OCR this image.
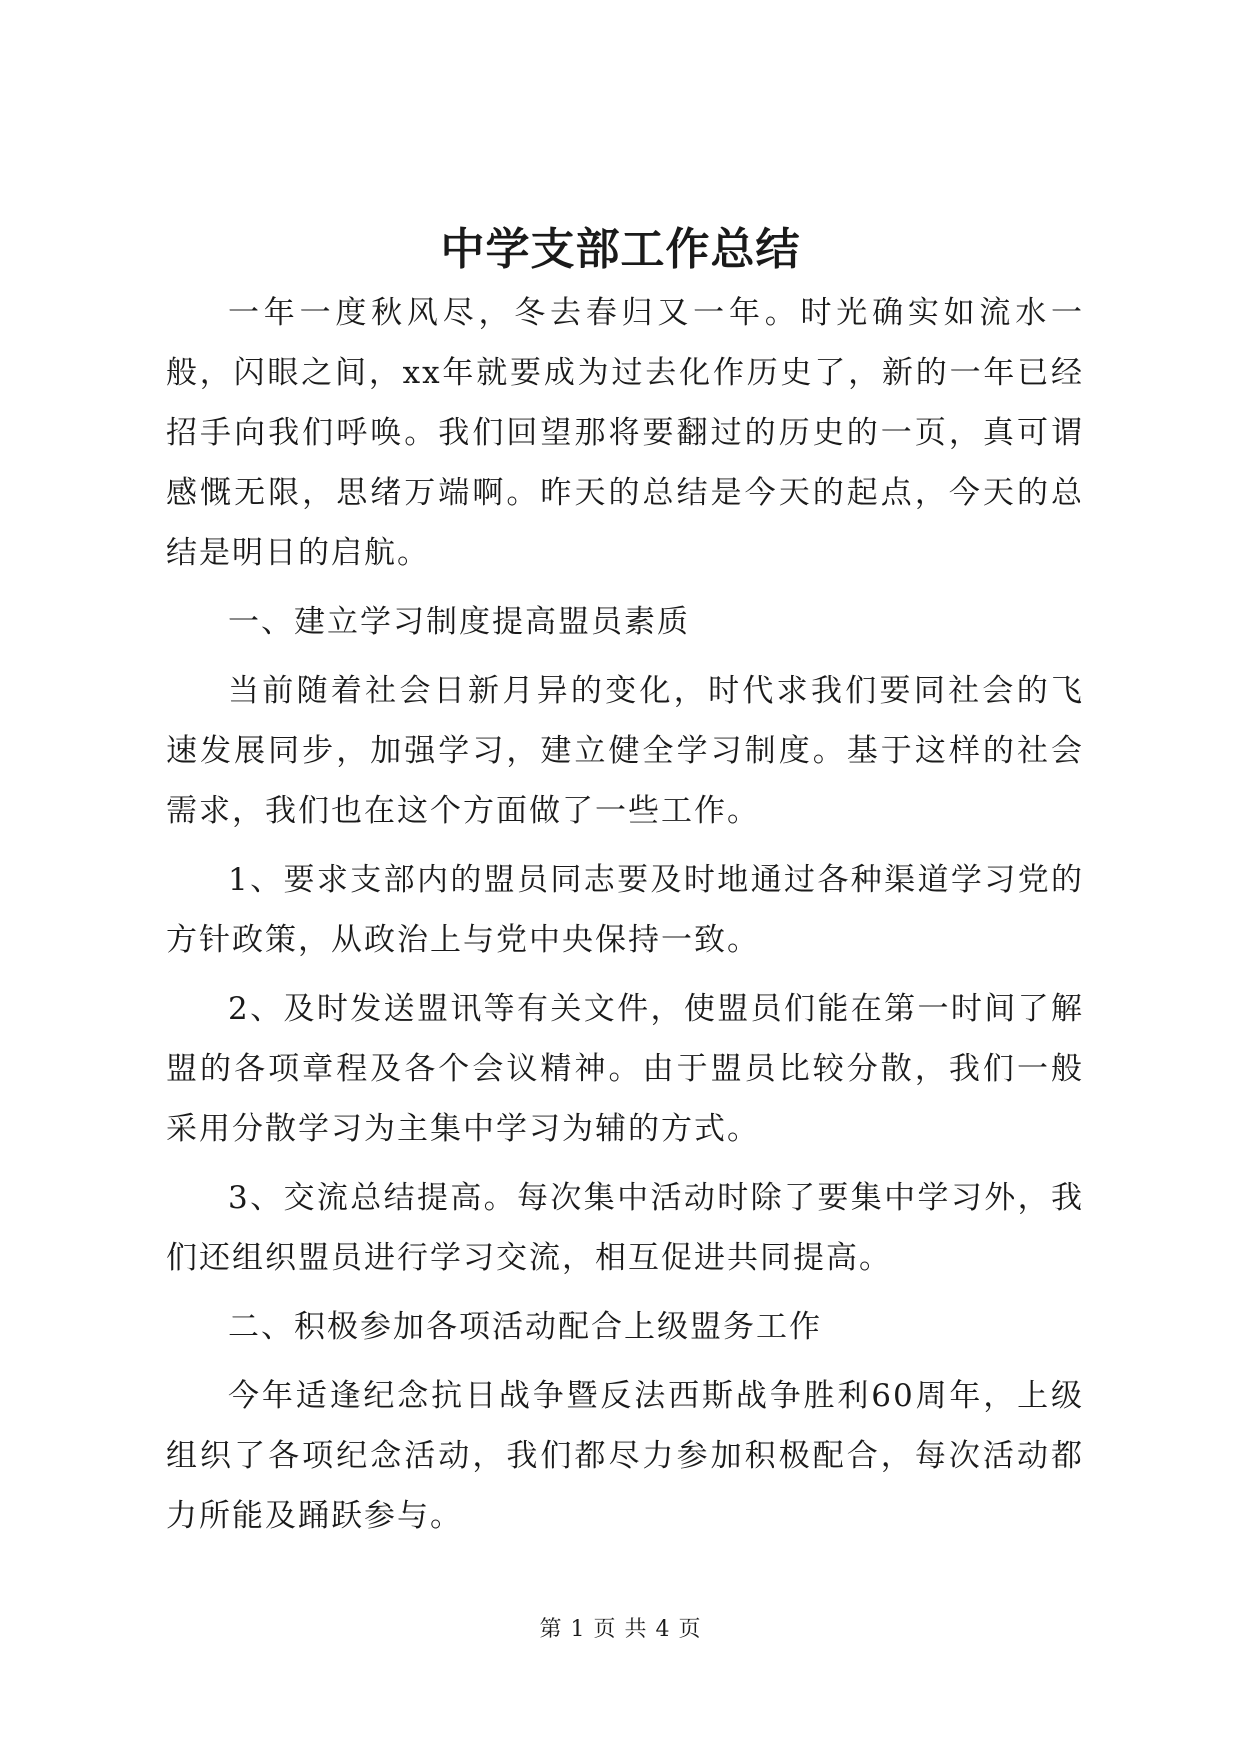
中学支部工作总结

一年一度秋风尽，冬去春归又一年。时光确实如流水一般，闪眼之间，xx年就要成为过去化作历史了，新的一年已经招手向我们呼唤。我们回望那将要翻过的历史的一页，真可谓感慨无限，思绪万端啊。昨天的总结是今天的起点，今天的总结是明日的启航。

一、建立学习制度提高盟员素质

当前随着社会日新月异的变化，时代求我们要同社会的飞速发展同步，加强学习，建立健全学习制度。基于这样的社会需求，我们也在这个方面做了一些工作。

1、要求支部内的盟员同志要及时地通过各种渠道学习党的方针政策，从政治上与党中央保持一致。

2、及时发送盟讯等有关文件，使盟员们能在第一时间了解盟的各项章程及各个会议精神。由于盟员比较分散，我们一般采用分散学习为主集中学习为辅的方式。

3、交流总结提高。每次集中活动时除了要集中学习外，我们还组织盟员进行学习交流，相互促进共同提高。

二、积极参加各项活动配合上级盟务工作

今年适逢纪念抗日战争暨反法西斯战争胜利60周年，上级组织了各项纪念活动，我们都尽力参加积极配合，每次活动都力所能及踊跃参与。

第 1 页 共 4 页
